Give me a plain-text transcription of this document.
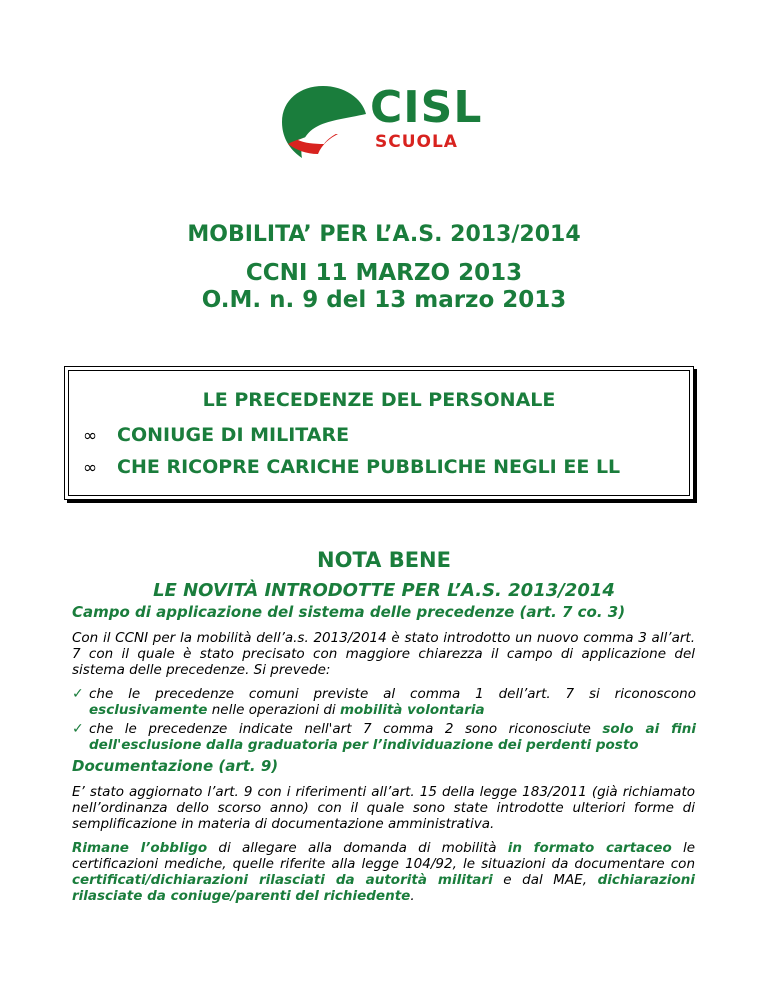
CISL
SCUOLA
MOBILITA’ PER L’A.S. 2013/2014
CCNI 11 MARZO 2013
O.M. n. 9 del 13 marzo 2013
LE PRECEDENZE DEL PERSONALE
∞ CONIUGE DI MILITARE
∞ CHE RICOPRE CARICHE PUBBLICHE NEGLI EE LL
NOTA BENE
LE NOVITÀ INTRODOTTE PER L’A.S. 2013/2014
Campo di applicazione del sistema delle precedenze (art. 7 co. 3)
Con il CCNI per la mobilità dell’a.s. 2013/2014 è stato introdotto un nuovo comma 3 all’art. 7 con il quale è stato precisato con maggiore chiarezza il campo di applicazione del sistema delle precedenze. Si prevede:
✓ che le precedenze comuni previste al comma 1 dell’art. 7 si riconoscono esclusivamente nelle operazioni di mobilità volontaria
✓ che le precedenze indicate nell'art 7 comma 2 sono riconosciute solo ai fini dell'esclusione dalla graduatoria per l’individuazione dei perdenti posto
Documentazione (art. 9)
E’ stato aggiornato l’art. 9 con i riferimenti all’art. 15 della legge 183/2011 (già richiamato nell’ordinanza dello scorso anno) con il quale sono state introdotte ulteriori forme di semplificazione in materia di documentazione amministrativa.
Rimane l’obbligo di allegare alla domanda di mobilità in formato cartaceo le certificazioni mediche, quelle riferite alla legge 104/92, le situazioni da documentare con certificati/dichiarazioni rilasciati da autorità militari e dal MAE, dichiarazioni rilasciate da coniuge/parenti del richiedente.
